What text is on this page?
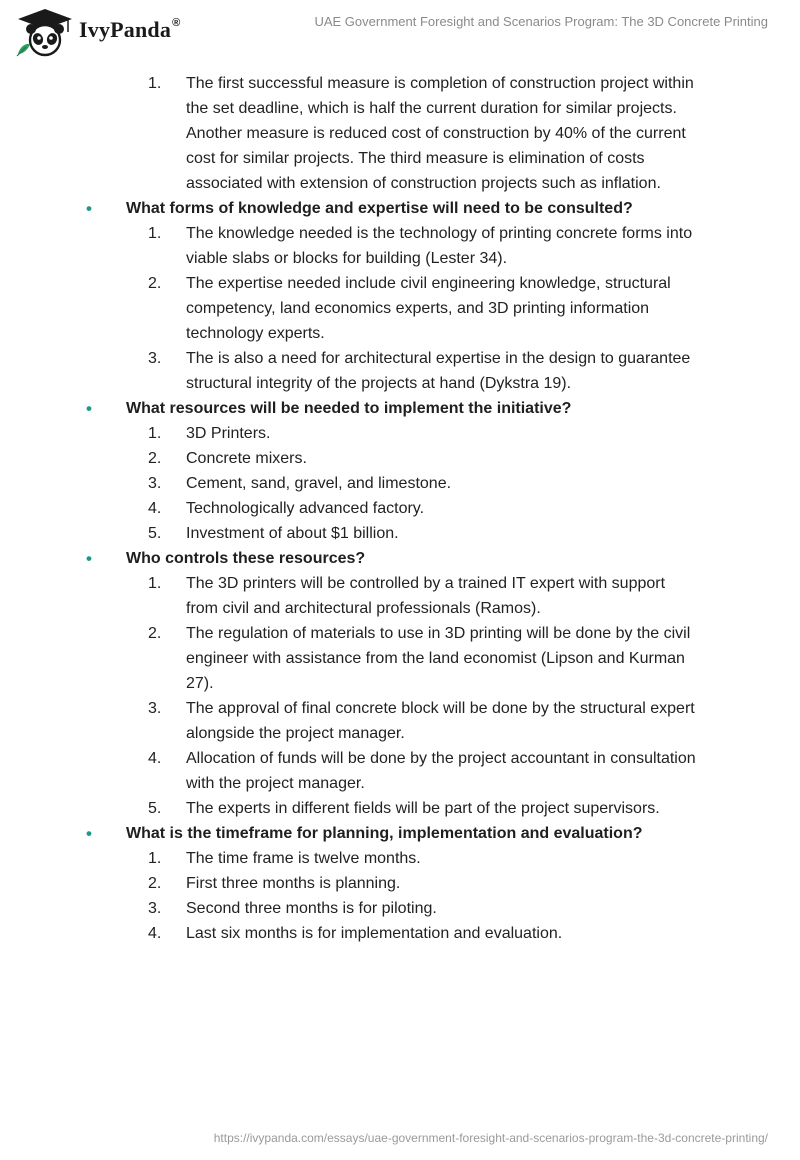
IvyPanda®	UAE Government Foresight and Scenarios Program: The 3D Concrete Printing
1. The first successful measure is completion of construction project within
the set deadline, which is half the current duration for similar projects.
Another measure is reduced cost of construction by 40% of the current
cost for similar projects. The third measure is elimination of costs
associated with extension of construction projects such as inflation.
• What forms of knowledge and expertise will need to be consulted?
1. The knowledge needed is the technology of printing concrete forms into
viable slabs or blocks for building (Lester 34).
2. The expertise needed include civil engineering knowledge, structural
competency, land economics experts, and 3D printing information
technology experts.
3. The is also a need for architectural expertise in the design to guarantee
structural integrity of the projects at hand (Dykstra 19).
• What resources will be needed to implement the initiative?
1. 3D Printers.
2. Concrete mixers.
3. Cement, sand, gravel, and limestone.
4. Technologically advanced factory.
5. Investment of about $1 billion.
• Who controls these resources?
1. The 3D printers will be controlled by a trained IT expert with support
from civil and architectural professionals (Ramos).
2. The regulation of materials to use in 3D printing will be done by the civil
engineer with assistance from the land economist (Lipson and Kurman
27).
3. The approval of final concrete block will be done by the structural expert
alongside the project manager.
4. Allocation of funds will be done by the project accountant in consultation
with the project manager.
5. The experts in different fields will be part of the project supervisors.
• What is the timeframe for planning, implementation and evaluation?
1. The time frame is twelve months.
2. First three months is planning.
3. Second three months is for piloting.
4. Last six months is for implementation and evaluation.
https://ivypanda.com/essays/uae-government-foresight-and-scenarios-program-the-3d-concrete-printing/
